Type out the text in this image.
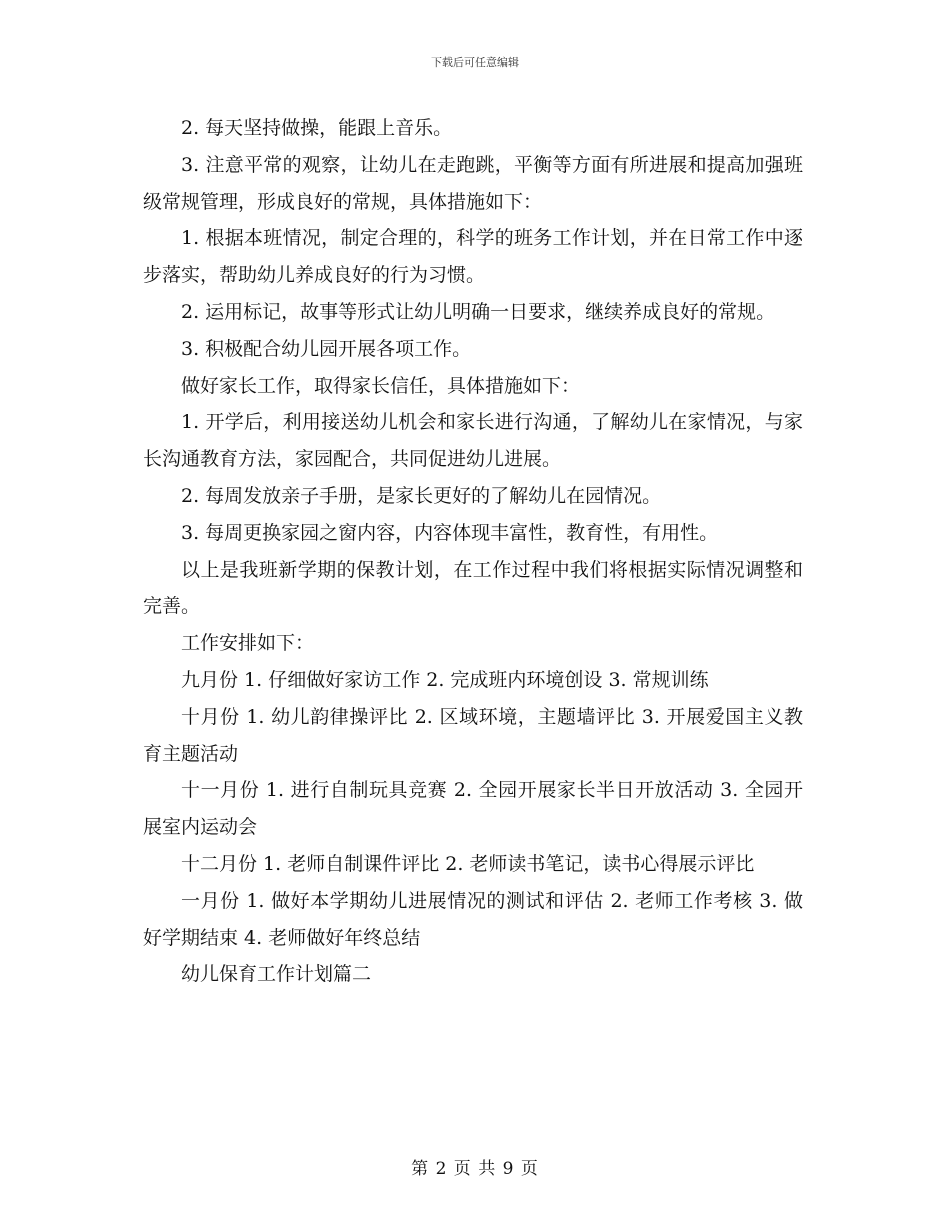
下载后可任意编辑

2. 每天坚持做操，能跟上音乐。

3. 注意平常的观察，让幼儿在走跑跳，平衡等方面有所进展和提高加强班级常规管理，形成良好的常规，具体措施如下：

1. 根据本班情况，制定合理的，科学的班务工作计划，并在日常工作中逐步落实，帮助幼儿养成良好的行为习惯。

2. 运用标记，故事等形式让幼儿明确一日要求，继续养成良好的常规。

3. 积极配合幼儿园开展各项工作。

做好家长工作，取得家长信任，具体措施如下：

1. 开学后，利用接送幼儿机会和家长进行沟通，了解幼儿在家情况，与家长沟通教育方法，家园配合，共同促进幼儿进展。

2. 每周发放亲子手册，是家长更好的了解幼儿在园情况。

3. 每周更换家园之窗内容，内容体现丰富性，教育性，有用性。

以上是我班新学期的保教计划，在工作过程中我们将根据实际情况调整和完善。

工作安排如下：

九月份 1. 仔细做好家访工作 2. 完成班内环境创设 3. 常规训练

十月份 1. 幼儿韵律操评比 2. 区域环境，主题墙评比 3. 开展爱国主义教育主题活动

十一月份 1. 进行自制玩具竞赛 2. 全园开展家长半日开放活动 3. 全园开展室内运动会

十二月份 1. 老师自制课件评比 2. 老师读书笔记，读书心得展示评比

一月份 1. 做好本学期幼儿进展情况的测试和评估 2. 老师工作考核 3. 做好学期结束 4. 老师做好年终总结

幼儿保育工作计划篇二

第 2 页 共 9 页
